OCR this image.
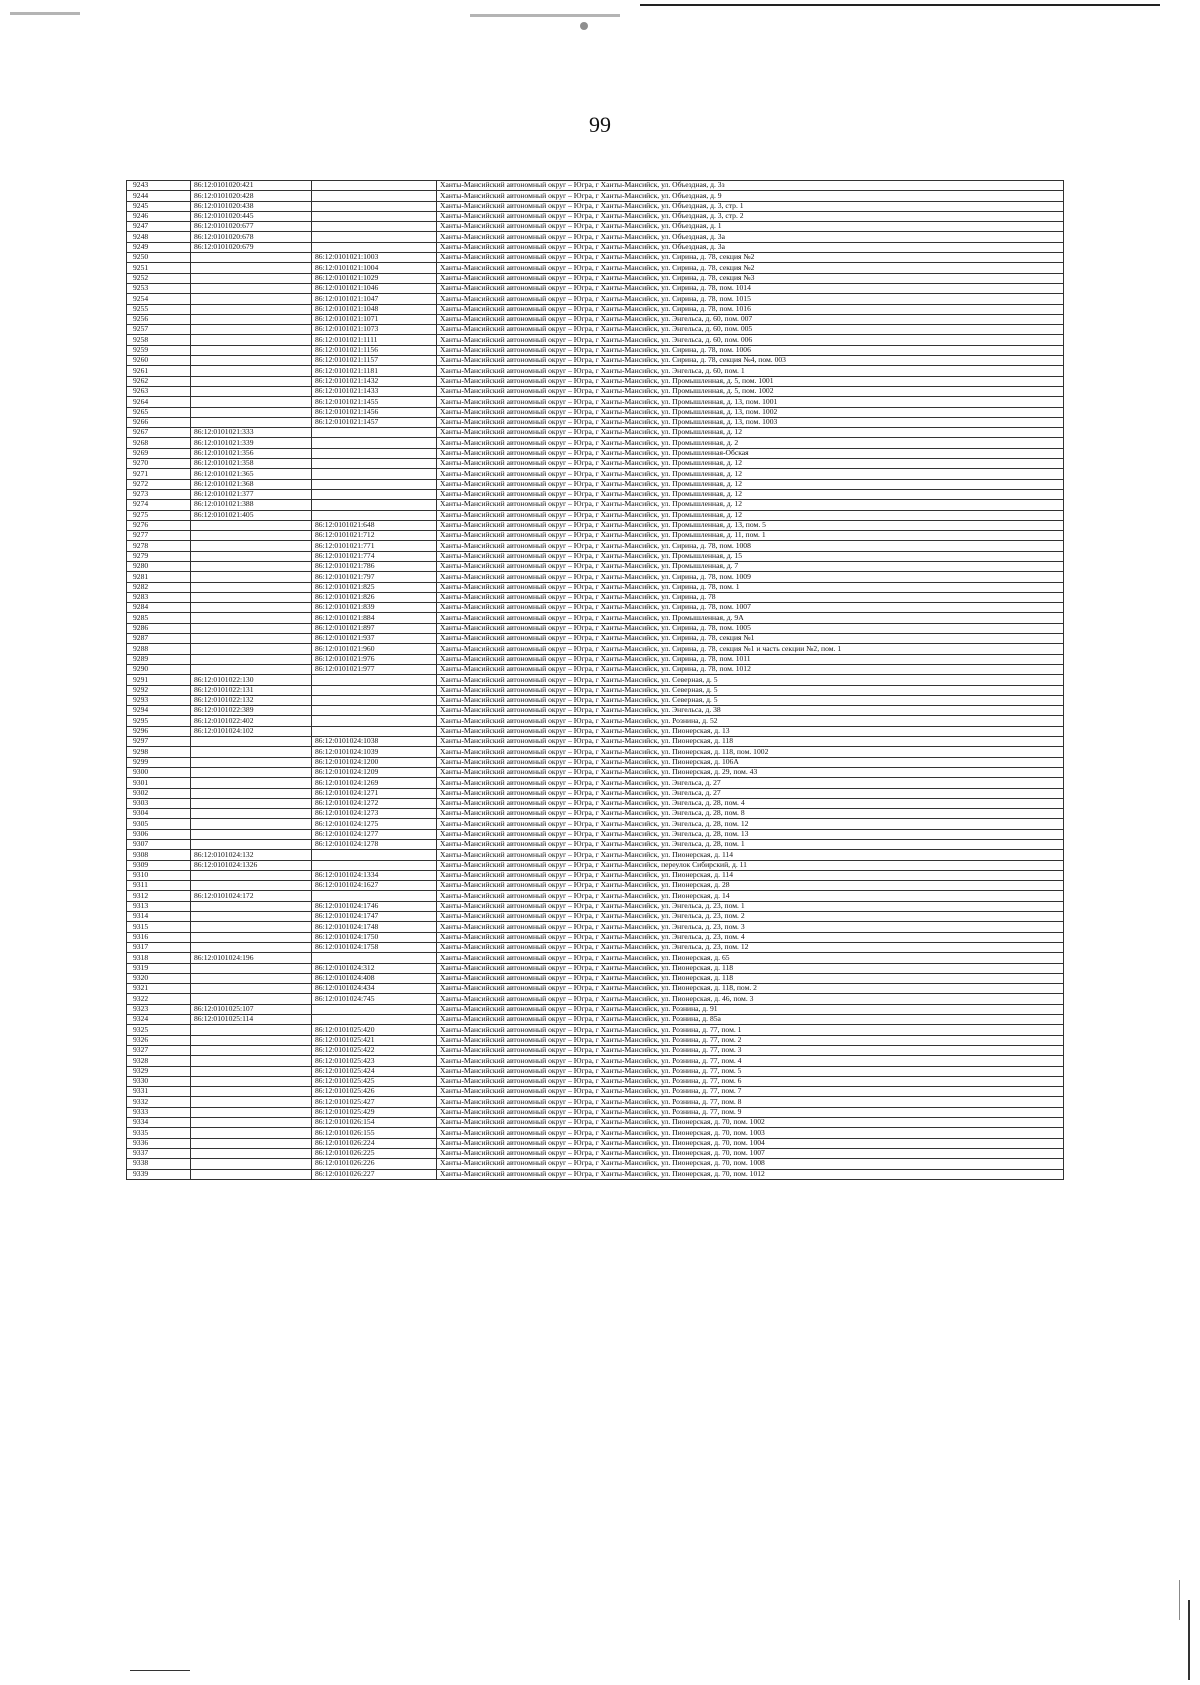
99
9243	86:12:0101020:421		Ханты-Мансийский автономный округ – Югра, г Ханты-Мансийск, ул. Объездная, д. 3з
9244	86:12:0101020:428		Ханты-Мансийский автономный округ – Югра, г Ханты-Мансийск, ул. Объездная, д. 9
9245	86:12:0101020:438		Ханты-Мансийский автономный округ – Югра, г Ханты-Мансийск, ул. Объездная, д. 3, стр. 1
9246	86:12:0101020:445		Ханты-Мансийский автономный округ – Югра, г Ханты-Мансийск, ул. Объездная, д. 3, стр. 2
9247	86:12:0101020:677		Ханты-Мансийский автономный округ – Югра, г Ханты-Мансийск, ул. Объездная, д. 1
9248	86:12:0101020:678		Ханты-Мансийский автономный округ – Югра, г Ханты-Мансийск, ул. Объездная, д. 3а
9249	86:12:0101020:679		Ханты-Мансийский автономный округ – Югра, г Ханты-Мансийск, ул. Объездная, д. 3а
9250		86:12:0101021:1003	Ханты-Мансийский автономный округ – Югра, г Ханты-Мансийск, ул. Сирина, д. 78, секция №2
9251		86:12:0101021:1004	Ханты-Мансийский автономный округ – Югра, г Ханты-Мансийск, ул. Сирина, д. 78, секция №2
9252		86:12:0101021:1029	Ханты-Мансийский автономный округ – Югра, г Ханты-Мансийск, ул. Сирина, д. 78, секция №3
9253		86:12:0101021:1046	Ханты-Мансийский автономный округ – Югра, г Ханты-Мансийск, ул. Сирина, д. 78, пом. 1014
9254		86:12:0101021:1047	Ханты-Мансийский автономный округ – Югра, г Ханты-Мансийск, ул. Сирина, д. 78, пом. 1015
9255		86:12:0101021:1048	Ханты-Мансийский автономный округ – Югра, г Ханты-Мансийск, ул. Сирина, д. 78, пом. 1016
9256		86:12:0101021:1071	Ханты-Мансийский автономный округ – Югра, г Ханты-Мансийск, ул. Энгельса, д. 60, пом. 007
9257		86:12:0101021:1073	Ханты-Мансийский автономный округ – Югра, г Ханты-Мансийск, ул. Энгельса, д. 60, пом. 005
9258		86:12:0101021:1111	Ханты-Мансийский автономный округ – Югра, г Ханты-Мансийск, ул. Энгельса, д. 60, пом. 006
9259		86:12:0101021:1156	Ханты-Мансийский автономный округ – Югра, г Ханты-Мансийск, ул. Сирина, д. 78, пом. 1006
9260		86:12:0101021:1157	Ханты-Мансийский автономный округ – Югра, г Ханты-Мансийск, ул. Сирина, д. 78, секция №4, пом. 003
9261		86:12:0101021:1181	Ханты-Мансийский автономный округ – Югра, г Ханты-Мансийск, ул. Энгельса, д. 60, пом. 1
9262		86:12:0101021:1432	Ханты-Мансийский автономный округ – Югра, г Ханты-Мансийск, ул. Промышленная, д. 5, пом. 1001
9263		86:12:0101021:1433	Ханты-Мансийский автономный округ – Югра, г Ханты-Мансийск, ул. Промышленная, д. 5, пом. 1002
9264		86:12:0101021:1455	Ханты-Мансийский автономный округ – Югра, г Ханты-Мансийск, ул. Промышленная, д. 13, пом. 1001
9265		86:12:0101021:1456	Ханты-Мансийский автономный округ – Югра, г Ханты-Мансийск, ул. Промышленная, д. 13, пом. 1002
9266		86:12:0101021:1457	Ханты-Мансийский автономный округ – Югра, г Ханты-Мансийск, ул. Промышленная, д. 13, пом. 1003
9267	86:12:0101021:333		Ханты-Мансийский автономный округ – Югра, г Ханты-Мансийск, ул. Промышленная, д. 12
9268	86:12:0101021:339		Ханты-Мансийский автономный округ – Югра, г Ханты-Мансийск, ул. Промышленная, д. 2
9269	86:12:0101021:356		Ханты-Мансийский автономный округ – Югра, г Ханты-Мансийск, ул. Промышленная-Обская
9270	86:12:0101021:358		Ханты-Мансийский автономный округ – Югра, г Ханты-Мансийск, ул. Промышленная, д. 12
9271	86:12:0101021:365		Ханты-Мансийский автономный округ – Югра, г Ханты-Мансийск, ул. Промышленная, д. 12
9272	86:12:0101021:368		Ханты-Мансийский автономный округ – Югра, г Ханты-Мансийск, ул. Промышленная, д. 12
9273	86:12:0101021:377		Ханты-Мансийский автономный округ – Югра, г Ханты-Мансийск, ул. Промышленная, д. 12
9274	86:12:0101021:388		Ханты-Мансийский автономный округ – Югра, г Ханты-Мансийск, ул. Промышленная, д. 12
9275	86:12:0101021:405		Ханты-Мансийский автономный округ – Югра, г Ханты-Мансийск, ул. Промышленная, д. 12
9276		86:12:0101021:648	Ханты-Мансийский автономный округ – Югра, г Ханты-Мансийск, ул. Промышленная, д. 13, пом. 5
9277		86:12:0101021:712	Ханты-Мансийский автономный округ – Югра, г Ханты-Мансийск, ул. Промышленная, д. 11, пом. 1
9278		86:12:0101021:771	Ханты-Мансийский автономный округ – Югра, г Ханты-Мансийск, ул. Сирина, д. 78, пом. 1008
9279		86:12:0101021:774	Ханты-Мансийский автономный округ – Югра, г Ханты-Мансийск, ул. Промышленная, д. 15
9280		86:12:0101021:786	Ханты-Мансийский автономный округ – Югра, г Ханты-Мансийск, ул. Промышленная, д. 7
9281		86:12:0101021:797	Ханты-Мансийский автономный округ – Югра, г Ханты-Мансийск, ул. Сирина, д. 78, пом. 1009
9282		86:12:0101021:825	Ханты-Мансийский автономный округ – Югра, г Ханты-Мансийск, ул. Сирина, д. 78, пом. 1
9283		86:12:0101021:826	Ханты-Мансийский автономный округ – Югра, г Ханты-Мансийск, ул. Сирина, д. 78
9284		86:12:0101021:839	Ханты-Мансийский автономный округ – Югра, г Ханты-Мансийск, ул. Сирина, д. 78, пом. 1007
9285		86:12:0101021:884	Ханты-Мансийский автономный округ – Югра, г Ханты-Мансийск, ул. Промышленная, д. 9А
9286		86:12:0101021:897	Ханты-Мансийский автономный округ – Югра, г Ханты-Мансийск, ул. Сирина, д. 78, пом. 1005
9287		86:12:0101021:937	Ханты-Мансийский автономный округ – Югра, г Ханты-Мансийск, ул. Сирина, д. 78, секция №1
9288		86:12:0101021:960	Ханты-Мансийский автономный округ – Югра, г Ханты-Мансийск, ул. Сирина, д. 78, секция №1 и часть секции №2, пом. 1
9289		86:12:0101021:976	Ханты-Мансийский автономный округ – Югра, г Ханты-Мансийск, ул. Сирина, д. 78, пом. 1011
9290		86:12:0101021:977	Ханты-Мансийский автономный округ – Югра, г Ханты-Мансийск, ул. Сирина, д. 78, пом. 1012
9291	86:12:0101022:130		Ханты-Мансийский автономный округ – Югра, г Ханты-Мансийск, ул. Северная, д. 5
9292	86:12:0101022:131		Ханты-Мансийский автономный округ – Югра, г Ханты-Мансийск, ул. Северная, д. 5
9293	86:12:0101022:132		Ханты-Мансийский автономный округ – Югра, г Ханты-Мансийск, ул. Северная, д. 5
9294	86:12:0101022:389		Ханты-Мансийский автономный округ – Югра, г Ханты-Мансийск, ул. Энгельса, д. 38
9295	86:12:0101022:402		Ханты-Мансийский автономный округ – Югра, г Ханты-Мансийск, ул. Рознина, д. 52
9296	86:12:0101024:102		Ханты-Мансийский автономный округ – Югра, г Ханты-Мансийск, ул. Пионерская, д. 13
9297		86:12:0101024:1038	Ханты-Мансийский автономный округ – Югра, г Ханты-Мансийск, ул. Пионерская, д. 118
9298		86:12:0101024:1039	Ханты-Мансийский автономный округ – Югра, г Ханты-Мансийск, ул. Пионерская, д. 118, пом. 1002
9299		86:12:0101024:1200	Ханты-Мансийский автономный округ – Югра, г Ханты-Мансийск, ул. Пионерская, д. 106А
9300		86:12:0101024:1209	Ханты-Мансийский автономный округ – Югра, г Ханты-Мансийск, ул. Пионерская, д. 29, пом. 43
9301		86:12:0101024:1269	Ханты-Мансийский автономный округ – Югра, г Ханты-Мансийск, ул. Энгельса, д. 27
9302		86:12:0101024:1271	Ханты-Мансийский автономный округ – Югра, г Ханты-Мансийск, ул. Энгельса, д. 27
9303		86:12:0101024:1272	Ханты-Мансийский автономный округ – Югра, г Ханты-Мансийск, ул. Энгельса, д. 28, пом. 4
9304		86:12:0101024:1273	Ханты-Мансийский автономный округ – Югра, г Ханты-Мансийск, ул. Энгельса, д. 28, пом. 8
9305		86:12:0101024:1275	Ханты-Мансийский автономный округ – Югра, г Ханты-Мансийск, ул. Энгельса, д. 28, пом. 12
9306		86:12:0101024:1277	Ханты-Мансийский автономный округ – Югра, г Ханты-Мансийск, ул. Энгельса, д. 28, пом. 13
9307		86:12:0101024:1278	Ханты-Мансийский автономный округ – Югра, г Ханты-Мансийск, ул. Энгельса, д. 28, пом. 1
9308	86:12:0101024:132		Ханты-Мансийский автономный округ – Югра, г Ханты-Мансийск, ул. Пионерская, д. 114
9309	86:12:0101024:1326		Ханты-Мансийский автономный округ – Югра, г Ханты-Мансийск, переулок Сибирский, д. 11
9310		86:12:0101024:1334	Ханты-Мансийский автономный округ – Югра, г Ханты-Мансийск, ул. Пионерская, д. 114
9311		86:12:0101024:1627	Ханты-Мансийский автономный округ – Югра, г Ханты-Мансийск, ул. Пионерская, д. 28
9312	86:12:0101024:172		Ханты-Мансийский автономный округ – Югра, г Ханты-Мансийск, ул. Пионерская, д. 14
9313		86:12:0101024:1746	Ханты-Мансийский автономный округ – Югра, г Ханты-Мансийск, ул. Энгельса, д. 23, пом. 1
9314		86:12:0101024:1747	Ханты-Мансийский автономный округ – Югра, г Ханты-Мансийск, ул. Энгельса, д. 23, пом. 2
9315		86:12:0101024:1748	Ханты-Мансийский автономный округ – Югра, г Ханты-Мансийск, ул. Энгельса, д. 23, пом. 3
9316		86:12:0101024:1750	Ханты-Мансийский автономный округ – Югра, г Ханты-Мансийск, ул. Энгельса, д. 23, пом. 4
9317		86:12:0101024:1758	Ханты-Мансийский автономный округ – Югра, г Ханты-Мансийск, ул. Энгельса, д. 23, пом. 12
9318	86:12:0101024:196		Ханты-Мансийский автономный округ – Югра, г Ханты-Мансийск, ул. Пионерская, д. 65
9319		86:12:0101024:312	Ханты-Мансийский автономный округ – Югра, г Ханты-Мансийск, ул. Пионерская, д. 118
9320		86:12:0101024:408	Ханты-Мансийский автономный округ – Югра, г Ханты-Мансийск, ул. Пионерская, д. 118
9321		86:12:0101024:434	Ханты-Мансийский автономный округ – Югра, г Ханты-Мансийск, ул. Пионерская, д. 118, пом. 2
9322		86:12:0101024:745	Ханты-Мансийский автономный округ – Югра, г Ханты-Мансийск, ул. Пионерская, д. 46, пом. 3
9323	86:12:0101025:107		Ханты-Мансийский автономный округ – Югра, г Ханты-Мансийск, ул. Рознина, д. 91
9324	86:12:0101025:114		Ханты-Мансийский автономный округ – Югра, г Ханты-Мансийск, ул. Рознина, д. 85а
9325		86:12:0101025:420	Ханты-Мансийский автономный округ – Югра, г Ханты-Мансийск, ул. Рознина, д. 77, пом. 1
9326		86:12:0101025:421	Ханты-Мансийский автономный округ – Югра, г Ханты-Мансийск, ул. Рознина, д. 77, пом. 2
9327		86:12:0101025:422	Ханты-Мансийский автономный округ – Югра, г Ханты-Мансийск, ул. Рознина, д. 77, пом. 3
9328		86:12:0101025:423	Ханты-Мансийский автономный округ – Югра, г Ханты-Мансийск, ул. Рознина, д. 77, пом. 4
9329		86:12:0101025:424	Ханты-Мансийский автономный округ – Югра, г Ханты-Мансийск, ул. Рознина, д. 77, пом. 5
9330		86:12:0101025:425	Ханты-Мансийский автономный округ – Югра, г Ханты-Мансийск, ул. Рознина, д. 77, пом. 6
9331		86:12:0101025:426	Ханты-Мансийский автономный округ – Югра, г Ханты-Мансийск, ул. Рознина, д. 77, пом. 7
9332		86:12:0101025:427	Ханты-Мансийский автономный округ – Югра, г Ханты-Мансийск, ул. Рознина, д. 77, пом. 8
9333		86:12:0101025:429	Ханты-Мансийский автономный округ – Югра, г Ханты-Мансийск, ул. Рознина, д. 77, пом. 9
9334		86:12:0101026:154	Ханты-Мансийский автономный округ – Югра, г Ханты-Мансийск, ул. Пионерская, д. 70, пом. 1002
9335		86:12:0101026:155	Ханты-Мансийский автономный округ – Югра, г Ханты-Мансийск, ул. Пионерская, д. 70, пом. 1003
9336		86:12:0101026:224	Ханты-Мансийский автономный округ – Югра, г Ханты-Мансийск, ул. Пионерская, д. 70, пом. 1004
9337		86:12:0101026:225	Ханты-Мансийский автономный округ – Югра, г Ханты-Мансийск, ул. Пионерская, д. 70, пом. 1007
9338		86:12:0101026:226	Ханты-Мансийский автономный округ – Югра, г Ханты-Мансийск, ул. Пионерская, д. 70, пом. 1008
9339		86:12:0101026:227	Ханты-Мансийский автономный округ – Югра, г Ханты-Мансийск, ул. Пионерская, д. 70, пом. 1012
